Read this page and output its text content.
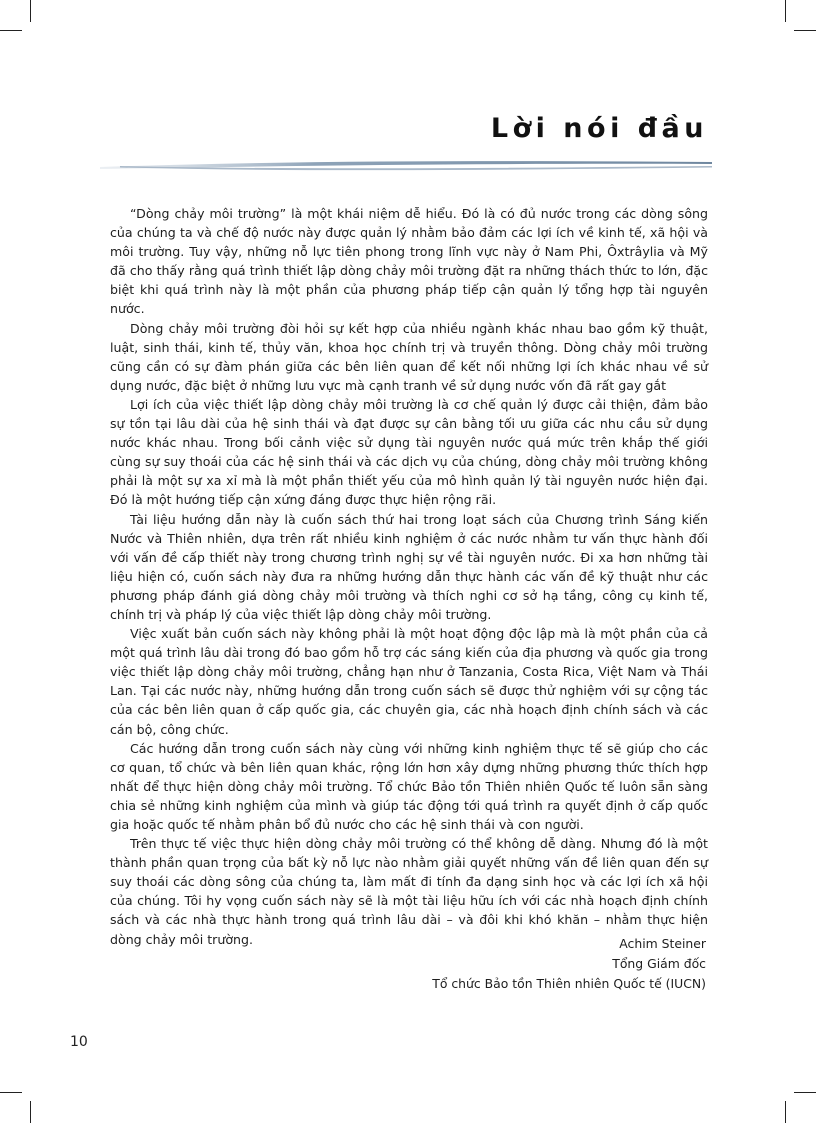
Lời nói đầu

“Dòng chảy môi trường” là một khái niệm dễ hiểu. Đó là có đủ nước trong các dòng sông của chúng ta và chế độ nước này được quản lý nhằm bảo đảm các lợi ích về kinh tế, xã hội và môi trường. Tuy vậy, những nỗ lực tiên phong trong lĩnh vực này ở Nam Phi, Ôxtrâylia và Mỹ đã cho thấy rằng quá trình thiết lập dòng chảy môi trường đặt ra những thách thức to lớn, đặc biệt khi quá trình này là một phần của phương pháp tiếp cận quản lý tổng hợp tài nguyên nước.

Dòng chảy môi trường đòi hỏi sự kết hợp của nhiều ngành khác nhau bao gồm kỹ thuật, luật, sinh thái, kinh tế, thủy văn, khoa học chính trị và truyền thông. Dòng chảy môi trường cũng cần có sự đàm phán giữa các bên liên quan để kết nối những lợi ích khác nhau về sử dụng nước, đặc biệt ở những lưu vực mà cạnh tranh về sử dụng nước vốn đã rất gay gắt

Lợi ích của việc thiết lập dòng chảy môi trường là cơ chế quản lý được cải thiện, đảm bảo sự tồn tại lâu dài của hệ sinh thái và đạt được sự cân bằng tối ưu giữa các nhu cầu sử dụng nước khác nhau. Trong bối cảnh việc sử dụng tài nguyên nước quá mức trên khắp thế giới cùng sự suy thoái của các hệ sinh thái và các dịch vụ của chúng, dòng chảy môi trường không phải là một sự xa xỉ mà là một phần thiết yếu của mô hình quản lý tài nguyên nước hiện đại. Đó là một hướng tiếp cận xứng đáng được thực hiện rộng rãi.

Tài liệu hướng dẫn này là cuốn sách thứ hai trong loạt sách của Chương trình Sáng kiến Nước và Thiên nhiên, dựa trên rất nhiều kinh nghiệm ở các nước nhằm tư vấn thực hành đối với vấn đề cấp thiết này trong chương trình nghị sự về tài nguyên nước. Đi xa hơn những tài liệu hiện có, cuốn sách này đưa ra những hướng dẫn thực hành các vấn đề kỹ thuật như các phương pháp đánh giá dòng chảy môi trường và thích nghi cơ sở hạ tầng, công cụ kinh tế, chính trị và pháp lý của việc thiết lập dòng chảy môi trường.

Việc xuất bản cuốn sách này không phải là một hoạt động độc lập mà là một phần của cả một quá trình lâu dài trong đó bao gồm hỗ trợ các sáng kiến của địa phương và quốc gia trong việc thiết lập dòng chảy môi trường, chẳng hạn như ở Tanzania, Costa Rica, Việt Nam và Thái Lan. Tại các nước này, những hướng dẫn trong cuốn sách sẽ được thử nghiệm với sự cộng tác của các bên liên quan ở cấp quốc gia, các chuyên gia, các nhà hoạch định chính sách và các cán bộ, công chức.

Các hướng dẫn trong cuốn sách này cùng với những kinh nghiệm thực tế sẽ giúp cho các cơ quan, tổ chức và bên liên quan khác, rộng lớn hơn xây dựng những phương thức thích hợp nhất để thực hiện dòng chảy môi trường. Tổ chức Bảo tồn Thiên nhiên Quốc tế luôn sẵn sàng chia sẻ những kinh nghiệm của mình và giúp tác động tới quá trình ra quyết định ở cấp quốc gia hoặc quốc tế nhằm phân bổ đủ nước cho các hệ sinh thái và con người.

Trên thực tế việc thực hiện dòng chảy môi trường có thể không dễ dàng. Nhưng đó là một thành phần quan trọng của bất kỳ nỗ lực nào nhằm giải quyết những vấn đề liên quan đến sự suy thoái các dòng sông của chúng ta, làm mất đi tính đa dạng sinh học và các lợi ích xã hội của chúng. Tôi hy vọng cuốn sách này sẽ là một tài liệu hữu ích với các nhà hoạch định chính sách và các nhà thực hành trong quá trình lâu dài – và đôi khi khó khăn – nhằm thực hiện dòng chảy môi trường.	Achim Steiner
Tổng Giám đốc
Tổ chức Bảo tồn Thiên nhiên Quốc tế (IUCN)
10
